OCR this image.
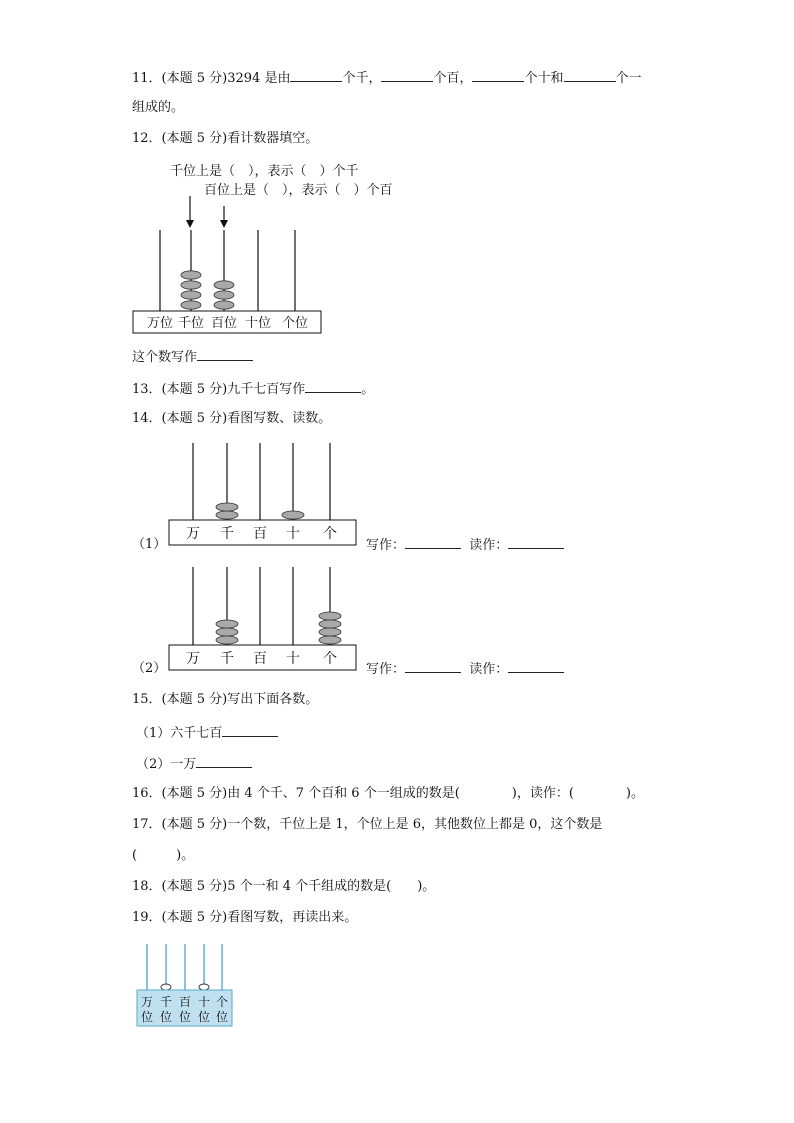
11．(本题 5 分)3294 是由	个千，	个百，	个十和	个一
组成的。
12．(本题 5 分)看计数器填空。
千位上是（　），表示（　）个千
百位上是（　），表示（　）个百
万位 千位 百位 十位 个位
这个数写作
13．(本题 5 分)九千七百写作	。
14．(本题 5 分)看图写数、读数。
万 千 百 十 个
万 千 百 十 个
（1）	写作：	读作：
（2）	写作：	读作：
15．(本题 5 分)写出下面各数。
（1）六千七百
（2）一万
16．(本题 5 分)由 4 个千、7 个百和 6 个一组成的数是(　　　　)，读作：(　　　　)。
17．(本题 5 分)一个数，千位上是 1，个位上是 6，其他数位上都是 0，这个数是
(　　　)。
18．(本题 5 分)5 个一和 4 个千组成的数是(　　)。
19．(本题 5 分)看图写数，再读出来。
万 千 百 十 个
位 位 位 位 位
